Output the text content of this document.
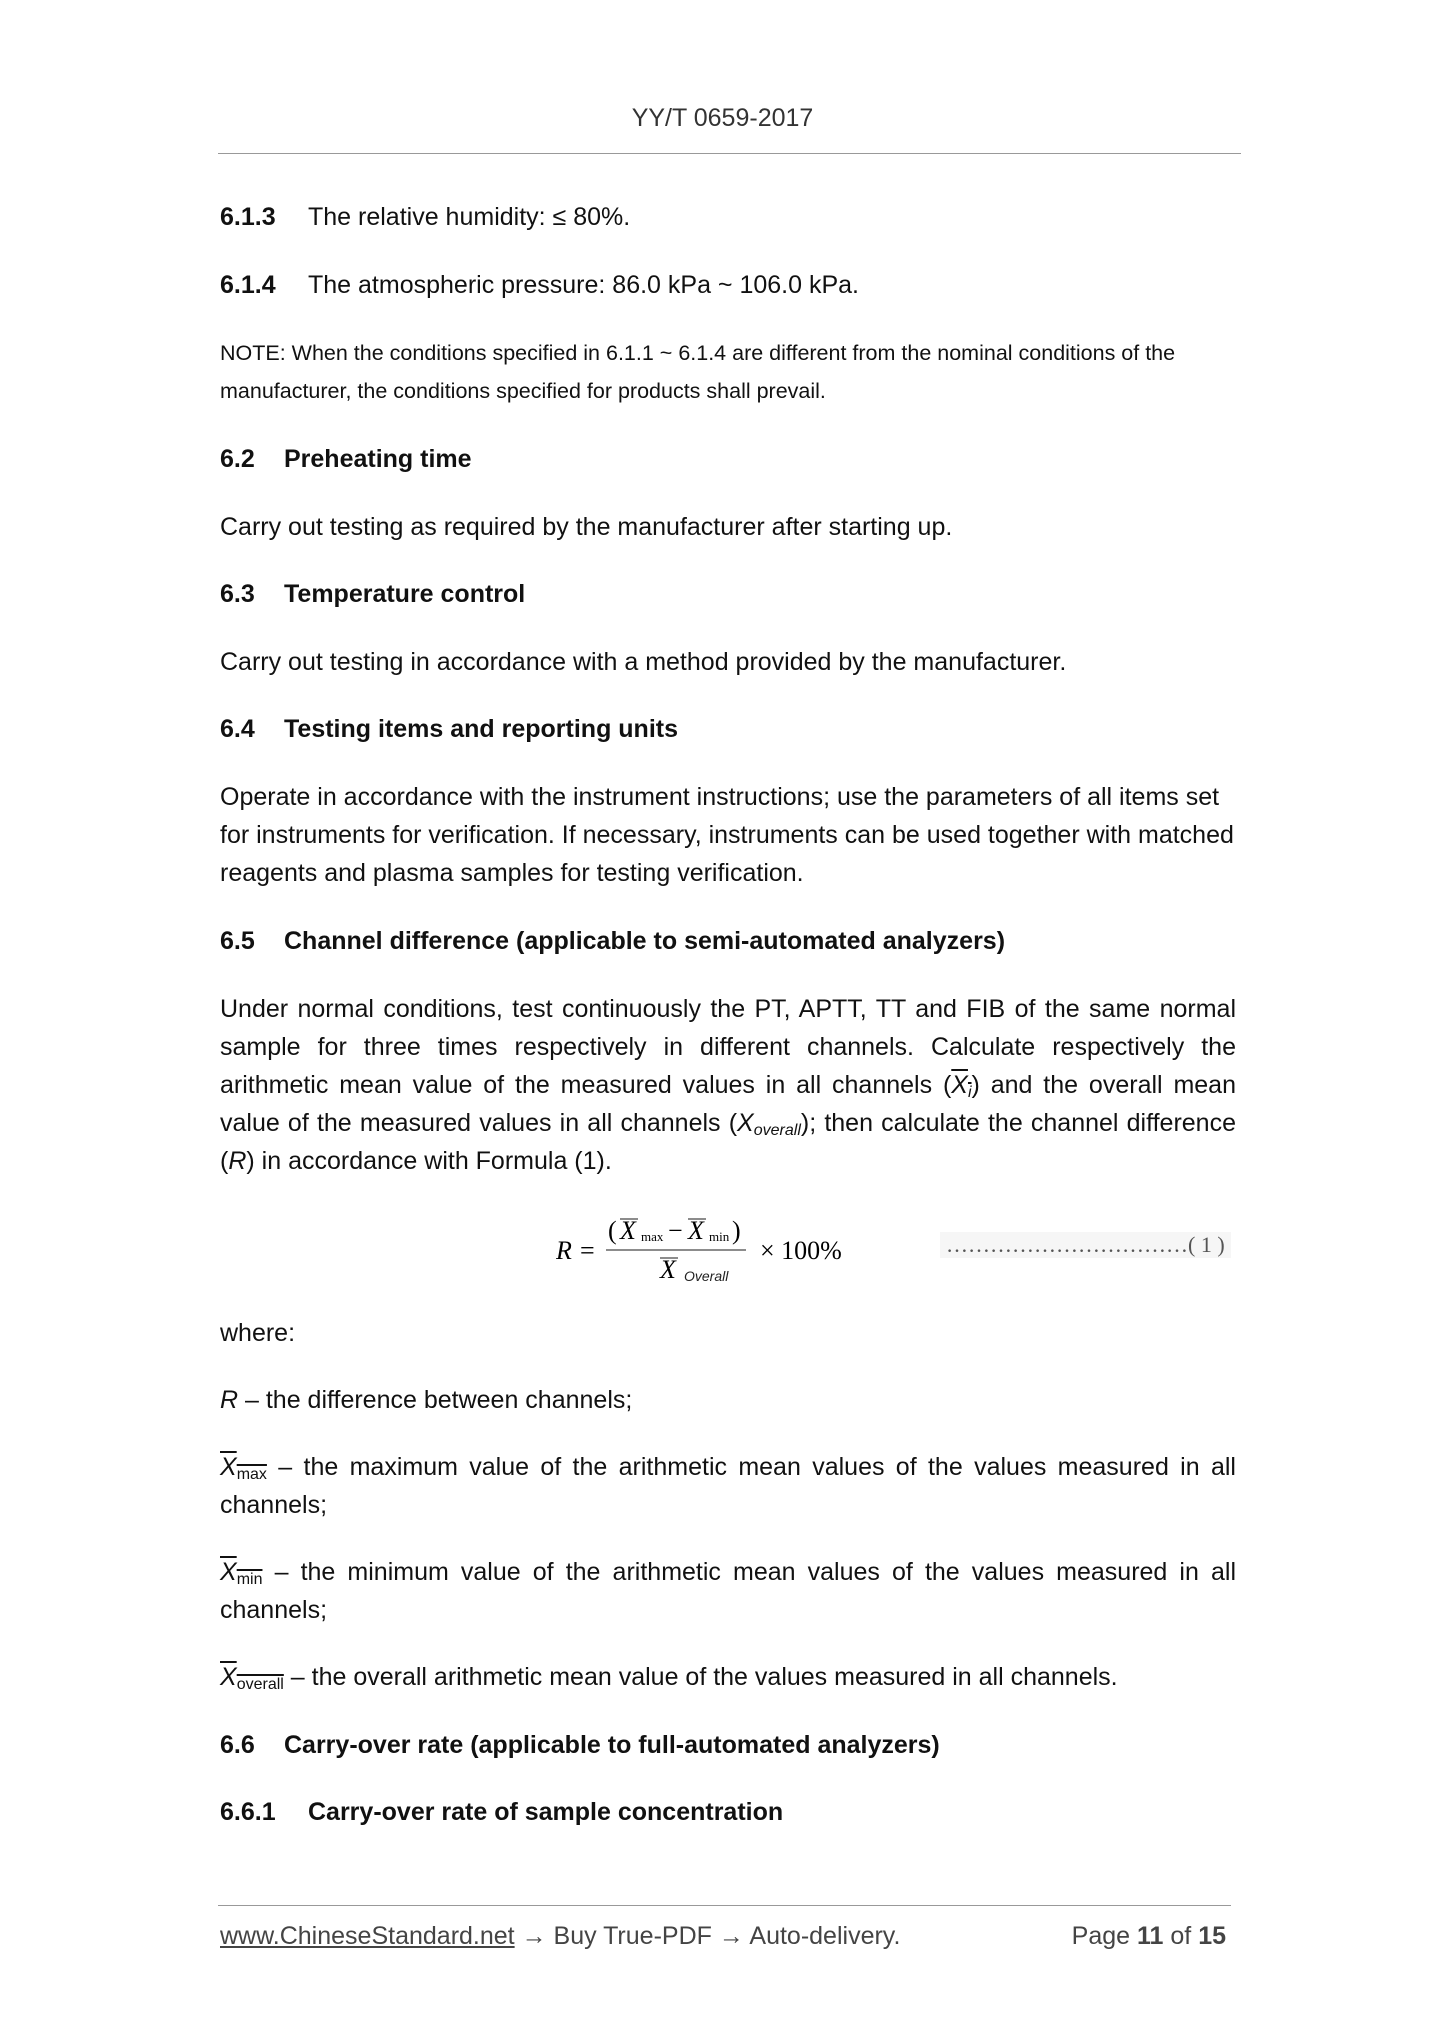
YY/T 0659-2017
6.1.3 The relative humidity: ≤ 80%.
6.1.4 The atmospheric pressure: 86.0 kPa ~ 106.0 kPa.
NOTE: When the conditions specified in 6.1.1 ~ 6.1.4 are different from the nominal conditions of the manufacturer, the conditions specified for products shall prevail.
6.2 Preheating time
Carry out testing as required by the manufacturer after starting up.
6.3 Temperature control
Carry out testing in accordance with a method provided by the manufacturer.
6.4 Testing items and reporting units
Operate in accordance with the instrument instructions; use the parameters of all items set for instruments for verification. If necessary, instruments can be used together with matched reagents and plasma samples for testing verification.
6.5 Channel difference (applicable to semi-automated analyzers)
Under normal conditions, test continuously the PT, APTT, TT and FIB of the same normal sample for three times respectively in different channels. Calculate respectively the arithmetic mean value of the measured values in all channels $(X_i)$ and the overall mean value of the measured values in all channels $(X_{overall})$; then calculate the channel difference (R) in accordance with Formula (1).
R =
( X max − X min )
X Overall
× 100%	……………………………( 1 )
where:
R – the difference between channels;
$X_{max}$ – the maximum value of the arithmetic mean values of the values measured in all channels;
$X_{min}$ – the minimum value of the arithmetic mean values of the values measured in all channels;
$X_{overall}$ – the overall arithmetic mean value of the values measured in all channels.
6.6 Carry-over rate (applicable to full-automated analyzers)
6.6.1 Carry-over rate of sample concentration
www.ChineseStandard.net → Buy True-PDF → Auto-delivery.	Page 11 of 15
